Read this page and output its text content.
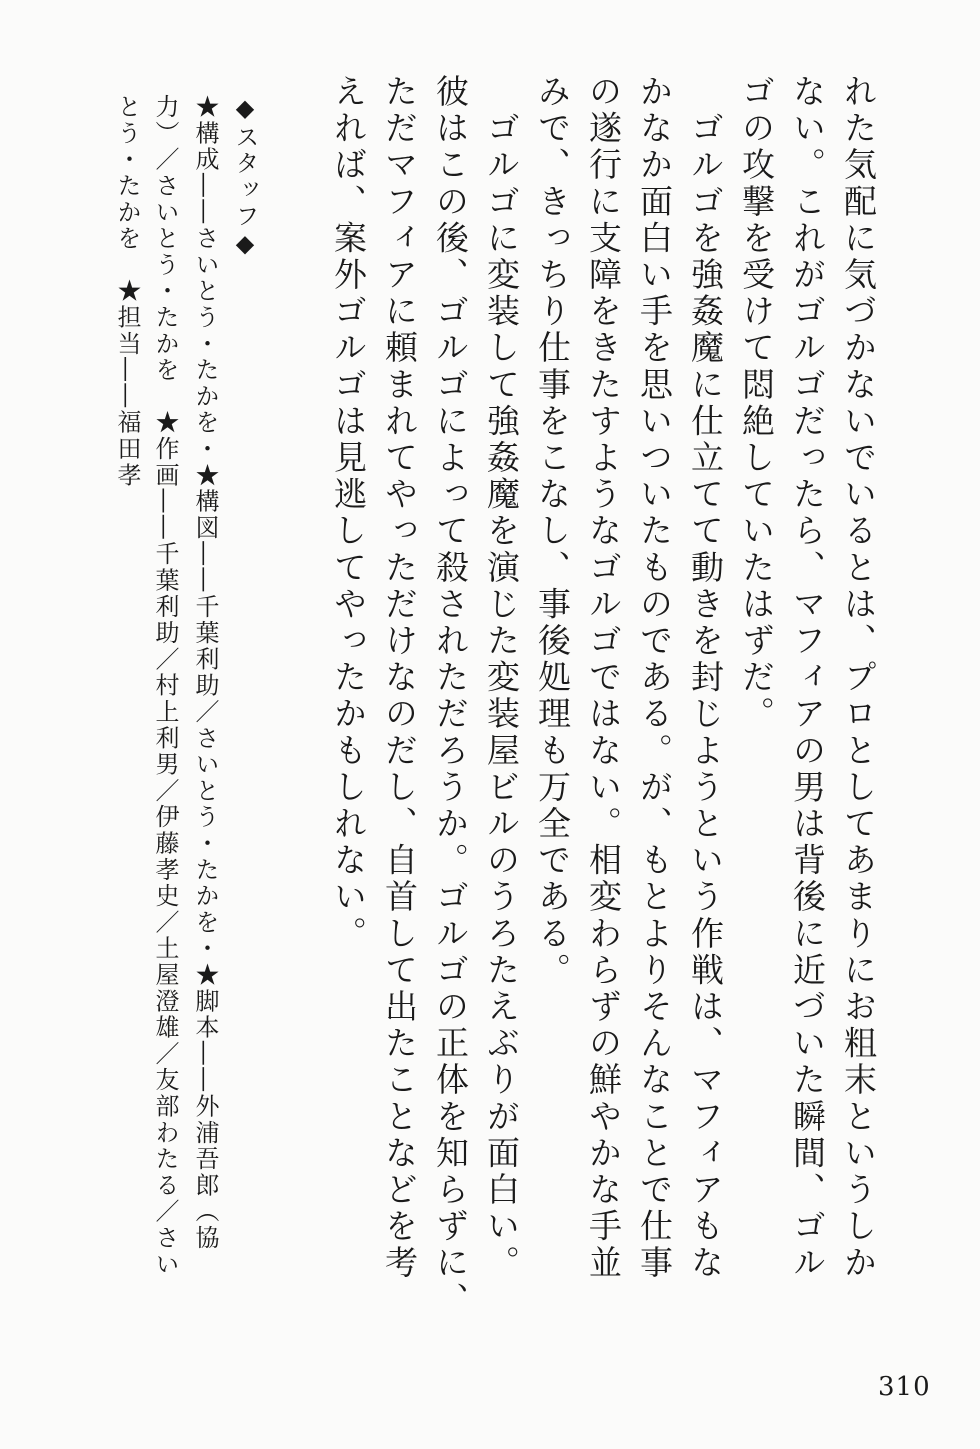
れた気配に気づかないでいるとは、プロとしてあまりにお粗末というしか
ない。これがゴルゴだったら、マフィアの男は背後に近づいた瞬間、ゴル
ゴの攻撃を受けて悶絶していたはずだ。
　ゴルゴを強姦魔に仕立てて動きを封じようという作戦は、マフィアもな
かなか面白い手を思いついたものである。が、もとよりそんなことで仕事
の遂行に支障をきたすようなゴルゴではない。相変わらずの鮮やかな手並
みで、きっちり仕事をこなし、事後処理も万全である。
　ゴルゴに変装して強姦魔を演じた変装屋ビルのうろたえぶりが面白い。
彼はこの後、ゴルゴによって殺されただろうか。ゴルゴの正体を知らずに、
ただマフィアに頼まれてやっただけなのだし、自首して出たことなどを考
えれば、案外ゴルゴは見逃してやったかもしれない。
◆スタッフ◆
★構成――さいとう・たかを・★構図――千葉利助／さいとう・たかを・★脚本――外浦吾郎（協
力）／さいとう・たかを　★作画――千葉利助／村上利男／伊藤孝史／土屋澄雄／友部わたる／さい
とう・たかを　★担当――福田孝
310
